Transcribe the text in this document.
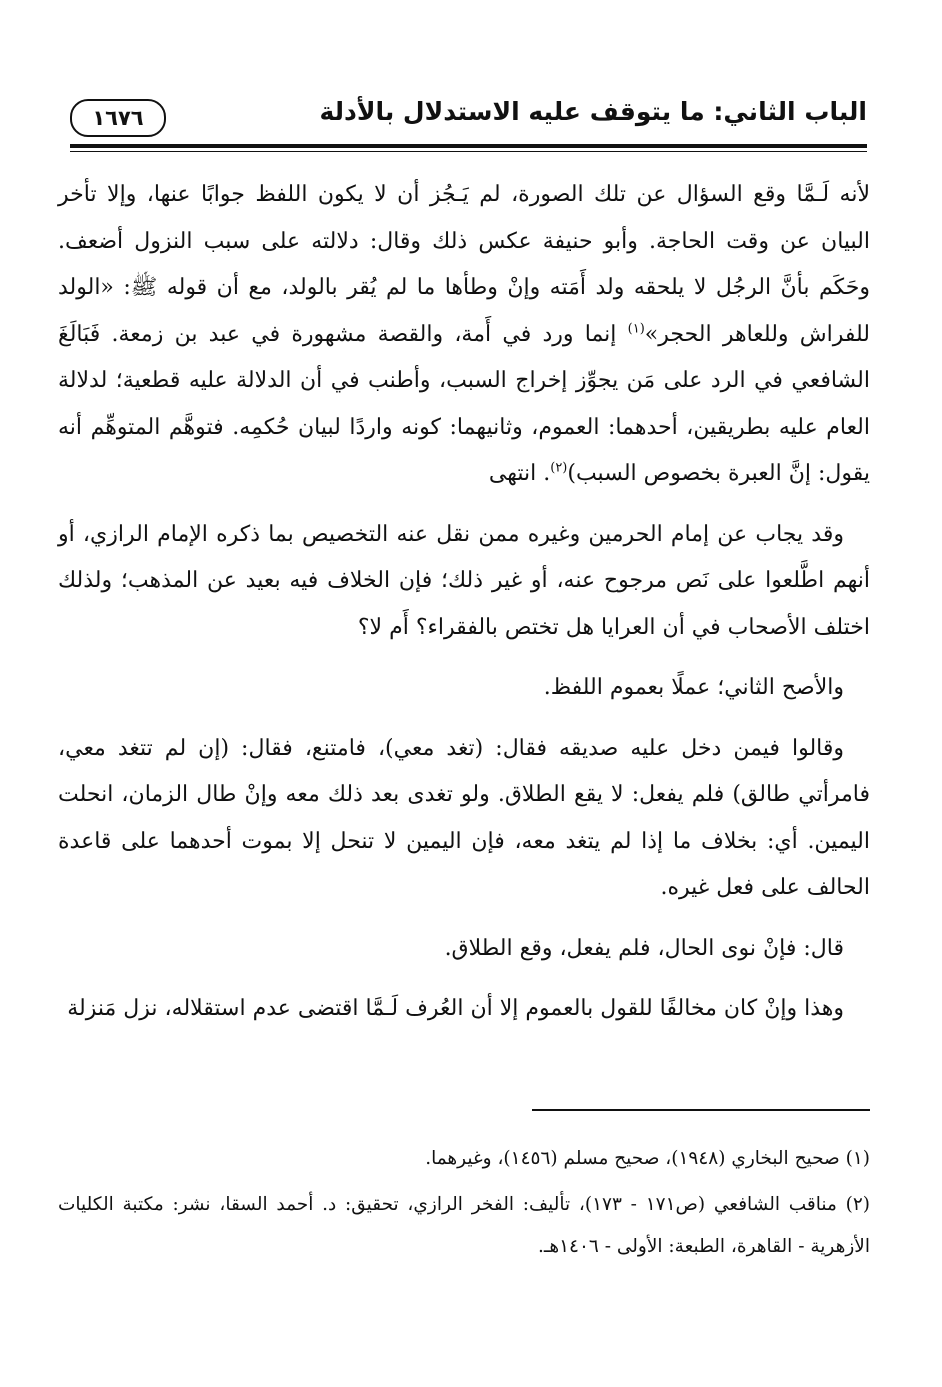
الباب الثاني: ما يتوقف عليه الاستدلال بالأدلة
١٦٧٦

لأنه لَـمَّا وقع السؤال عن تلك الصورة، لم يَـجُز أن لا يكون اللفظ جوابًا عنها، وإلا تأخر البيان عن وقت الحاجة. وأبو حنيفة عكس ذلك وقال: دلالته على سبب النزول أضعف. وحَكَم بأنَّ الرجُل لا يلحقه ولد أَمَته وإنْ وطأها ما لم يُقر بالولد، مع أن قوله ﷺ: «الولد للفراش وللعاهر الحجر»$^{(١)}$ إنما ورد في أَمة، والقصة مشهورة في عبد بن زمعة. فَبَالَغَ الشافعي في الرد على مَن يجوِّز إخراج السبب، وأطنب في أن الدلالة عليه قطعية؛ لدلالة العام عليه بطريقين، أحدهما: العموم، وثانيهما: كونه واردًا لبيان حُكمِه. فتوهَّم المتوهِّم أنه يقول: إنَّ العبرة بخصوص السبب)$^{(٢)}$. انتهى

وقد يجاب عن إمام الحرمين وغيره ممن نقل عنه التخصيص بما ذكره الإمام الرازي، أو أنهم اطَّلعوا على نَص مرجوح عنه، أو غير ذلك؛ فإن الخلاف فيه بعيد عن المذهب؛ ولذلك اختلف الأصحاب في أن العرايا هل تختص بالفقراء؟ أَم لا؟

والأصح الثاني؛ عملًا بعموم اللفظ.

وقالوا فيمن دخل عليه صديقه فقال: (تغد معي)، فامتنع، فقال: (إن لم تتغد معي، فامرأتي طالق) فلم يفعل: لا يقع الطلاق. ولو تغدى بعد ذلك معه وإنْ طال الزمان، انحلت اليمين. أي: بخلاف ما إذا لم يتغد معه، فإن اليمين لا تنحل إلا بموت أحدهما على قاعدة الحالف على فعل غيره.

قال: فإنْ نوى الحال، فلم يفعل، وقع الطلاق.

وهذا وإنْ كان مخالفًا للقول بالعموم إلا أن العُرف لَـمَّا اقتضى عدم استقلاله، نزل مَنزلة

(١) صحيح البخاري (١٩٤٨)، صحيح مسلم (١٤٥٦)، وغيرهما.

(٢) مناقب الشافعي (ص١٧١ - ١٧٣)، تأليف: الفخر الرازي، تحقيق: د. أحمد السقا، نشر: مكتبة الكليات الأزهرية - القاهرة، الطبعة: الأولى - ١٤٠٦هـ.
